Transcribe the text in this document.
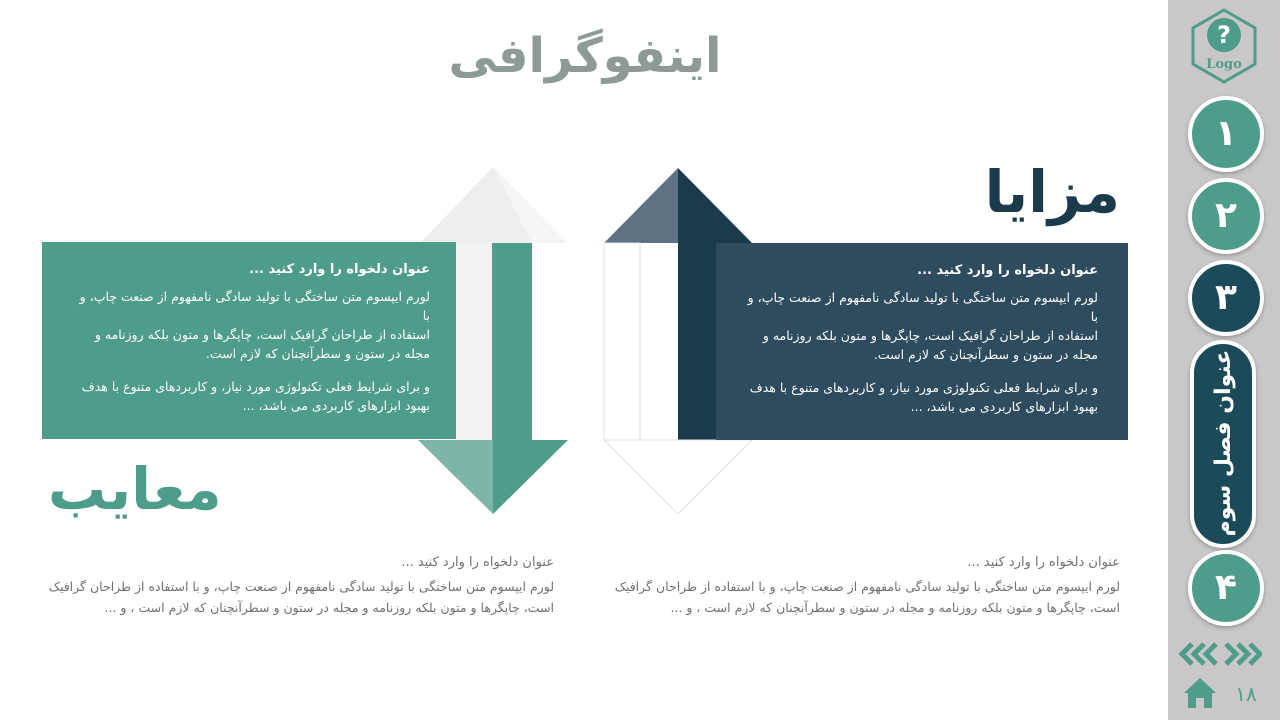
اینفوگرافی
مزایا
عنوان دلخواه را وارد کنید ...
لورم ایپسوم متن ساختگی با تولید سادگی نامفهوم از صنعت چاپ، و با
استفاده از طراحان گرافیک است، چاپگرها و متون بلکه روزنامه و
مجله در ستون و سطرآنچنان که لازم است.
و برای شرایط فعلی تکنولوژی مورد نیاز، و کاربردهای متنوع با هدف
بهبود ابزارهای کاربردی می باشد، ...
معایب
عنوان دلخواه را وارد کنید ...
لورم ایپسوم متن ساختگی با تولید سادگی نامفهوم از صنعت چاپ، و با
استفاده از طراحان گرافیک است، چاپگرها و متون بلکه روزنامه و
مجله در ستون و سطرآنچنان که لازم است.
و برای شرایط فعلی تکنولوژی مورد نیاز، و کاربردهای متنوع با هدف
بهبود ابزارهای کاربردی می باشد، ...
عنوان دلخواه را وارد کنید ...
لورم ایپسوم متن ساختگی با تولید سادگی نامفهوم از صنعت چاپ، و با استفاده از طراحان گرافیک
است، چاپگرها و متون بلکه روزنامه و مجله در ستون و سطرآنچنان که لازم است ، و ...
عنوان دلخواه را وارد کنید ...
لورم ایپسوم متن ساختگی با تولید سادگی نامفهوم از صنعت چاپ، و با استفاده از طراحان گرافیک
است، چاپگرها و متون بلکه روزنامه و مجله در ستون و سطرآنچنان که لازم است ، و ...
?
Logo
۱
۲
۳
عنوان فصل سوم
۴
۱۸
